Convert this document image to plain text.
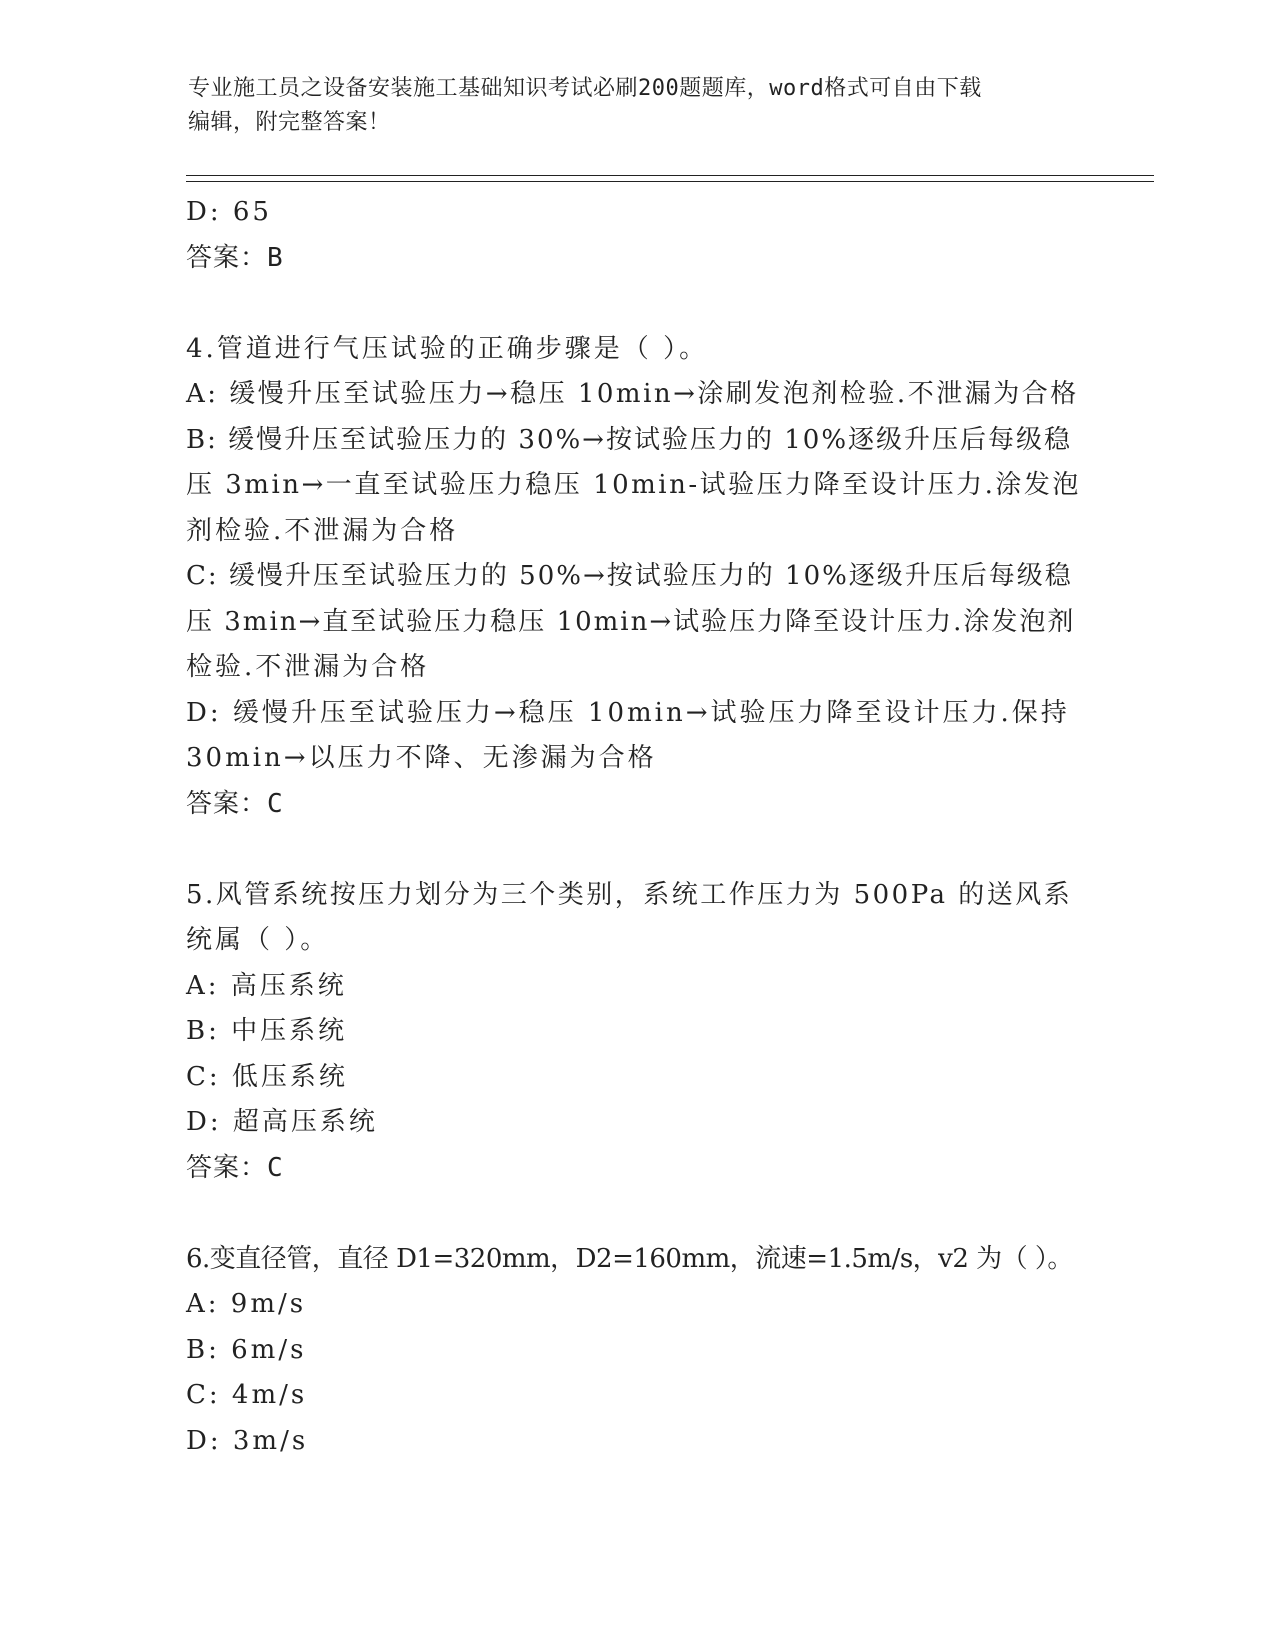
专业施工员之设备安装施工基础知识考试必刷200题题库，word格式可自由下载
编辑，附完整答案！
D: 65
答案：B
4.管道进行气压试验的正确步骤是（ ）。
A: 缓慢升压至试验压力→稳压 10min→涂刷发泡剂检验.不泄漏为合格
B: 缓慢升压至试验压力的 30%→按试验压力的 10%逐级升压后每级稳
压 3min→一直至试验压力稳压 10min-试验压力降至设计压力.涂发泡
剂检验.不泄漏为合格
C: 缓慢升压至试验压力的 50%→按试验压力的 10%逐级升压后每级稳
压 3min→直至试验压力稳压 10min→试验压力降至设计压力.涂发泡剂
检验.不泄漏为合格
D: 缓慢升压至试验压力→稳压 10min→试验压力降至设计压力.保持
30min→以压力不降、无渗漏为合格
答案：C
5.风管系统按压力划分为三个类别，系统工作压力为 500Pa 的送风系
统属（ ）。
A: 高压系统
B: 中压系统
C: 低压系统
D: 超高压系统
答案：C
6.变直径管，直径 D1=320mm，D2=160mm，流速=1.5m/s，v2 为（ ）。
A: 9m/s
B: 6m/s
C: 4m/s
D: 3m/s
